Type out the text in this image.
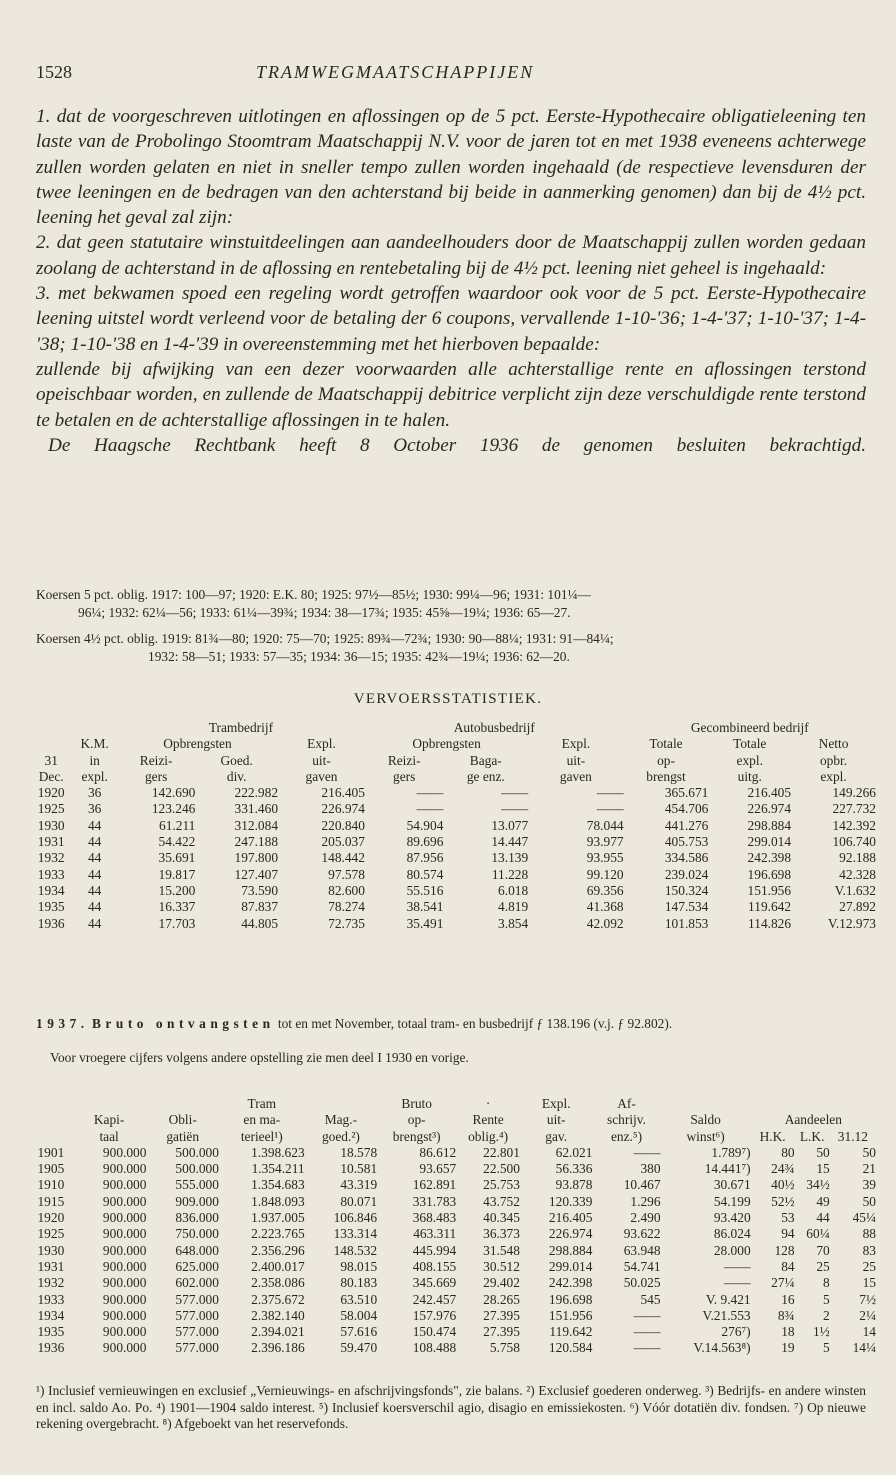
1528	TRAMWEGMAATSCHAPPIJEN

1. dat de voorgeschreven uitlotingen en aflossingen op de 5 pct. Eerste-Hypothecaire obligatieleening ten laste van de Probolingo Stoomtram Maatschappij N.V. voor de jaren tot en met 1938 eveneens achterwege zullen worden gelaten en niet in sneller tempo zullen worden ingehaald (de respectieve levensduren der twee leeningen en de bedragen van den achterstand bij beide in aanmerking genomen) dan bij de 4½ pct. leening het geval zal zijn:

2. dat geen statutaire winstuitdeelingen aan aandeelhouders door de Maatschappij zullen worden gedaan zoolang de achterstand in de aflossing en rentebetaling bij de 4½ pct. leening niet geheel is ingehaald:

3. met bekwamen spoed een regeling wordt getroffen waardoor ook voor de 5 pct. Eerste-Hypothecaire leening uitstel wordt verleend voor de betaling der 6 coupons, vervallende 1-10-'36; 1-4-'37; 1-10-'37; 1-4-'38; 1-10-'38 en 1-4-'39 in overeenstemming met het hierboven bepaalde:

zullende bij afwijking van een dezer voorwaarden alle achterstallige rente en aflossingen terstond opeischbaar worden, en zullende de Maatschappij debitrice verplicht zijn deze verschuldigde rente terstond te betalen en de achterstallige aflossingen in te halen.

De Haagsche Rechtbank heeft 8 October 1936 de genomen besluiten bekrachtigd.

Koersen 5 pct. oblig. 1917: 100—97; 1920: E.K. 80; 1925: 97½—85½; 1930: 99¼—96; 1931: 101¼—
96¼; 1932: 62¼—56; 1933: 61¼—39¾; 1934: 38—17¾; 1935: 45⅝—19¼; 1936: 65—27.
Koersen 4½ pct. oblig. 1919: 81¾—80; 1920: 75—70; 1925: 89¾—72¾; 1930: 90—88¼; 1931: 91—84¼;
1932: 58—51; 1933: 57—35; 1934: 36—15; 1935: 42¾—19¼; 1936: 62—20.
VERVOERSSTATISTIEK.
		Trambedrijf			Autobusbedrijf			Gecombineerd bedrijf		
	K.M.	Opbrengsten		Expl.	Opbrengsten		Expl.	Totale	Totale	Netto
31	in	Reizi-	Goed.	uit-	Reizi-	Baga-	uit-	op-	expl.	opbr.
Dec.	expl.	gers	div.	gaven	gers	ge enz.	gaven	brengst	uitg.	expl.
1920	36	142.690	222.982	216.405	——	——	——	365.671	216.405	149.266
1925	36	123.246	331.460	226.974	——	——	——	454.706	226.974	227.732
1930	44	61.211	312.084	220.840	54.904	13.077	78.044	441.276	298.884	142.392
1931	44	54.422	247.188	205.037	89.696	14.447	93.977	405.753	299.014	106.740
1932	44	35.691	197.800	148.442	87.956	13.139	93.955	334.586	242.398	92.188
1933	44	19.817	127.407	97.578	80.574	11.228	99.120	239.024	196.698	42.328
1934	44	15.200	73.590	82.600	55.516	6.018	69.356	150.324	151.956	V.1.632
1935	44	16.337	87.837	78.274	38.541	4.819	41.368	147.534	119.642	27.892
1936	44	17.703	44.805	72.735	35.491	3.854	42.092	101.853	114.826	V.12.973

1937. Bruto ontvangsten tot en met November, totaal tram- en busbedrijf ƒ 138.196 (v.j. ƒ 92.802).

Voor vroegere cijfers volgens andere opstelling zie men deel I 1930 en vorige.
			Tram		Bruto	·	Expl.	Af-				
	Kapi-	Obli-	en ma-	Mag.-	op-	Rente	uit-	schrijv.	Saldo	Aandeelen		
	taal	gatiën	terieel¹)	goed.²)	brengst³)	oblig.⁴)	gav.	enz.⁵)	winst⁶)	H.K.	L.K.	31.12
1901	900.000	500.000	1.398.623	18.578	86.612	22.801	62.021	——	1.789⁷)	80	50	50
1905	900.000	500.000	1.354.211	10.581	93.657	22.500	56.336	380	14.441⁷)	24¾	15	21
1910	900.000	555.000	1.354.683	43.319	162.891	25.753	93.878	10.467	30.671	40½	34½	39
1915	900.000	909.000	1.848.093	80.071	331.783	43.752	120.339	1.296	54.199	52½	49	50
1920	900.000	836.000	1.937.005	106.846	368.483	40.345	216.405	2.490	93.420	53	44	45¼
1925	900.000	750.000	2.223.765	133.314	463.311	36.373	226.974	93.622	86.024	94	60¼	88
1930	900.000	648.000	2.356.296	148.532	445.994	31.548	298.884	63.948	28.000	128	70	83
1931	900.000	625.000	2.400.017	98.015	408.155	30.512	299.014	54.741	——	84	25	25
1932	900.000	602.000	2.358.086	80.183	345.669	29.402	242.398	50.025	——	27¼	8	15
1933	900.000	577.000	2.375.672	63.510	242.457	28.265	196.698	545	V. 9.421	16	5	7½
1934	900.000	577.000	2.382.140	58.004	157.976	27.395	151.956	——	V.21.553	8¾	2	2¼
1935	900.000	577.000	2.394.021	57.616	150.474	27.395	119.642	——	276⁷)	18	1½	14
1936	900.000	577.000	2.396.186	59.470	108.488	5.758	120.584	——	V.14.563⁸)	19	5	14¼

¹) Inclusief vernieuwingen en exclusief „Vernieuwings- en afschrijvingsfonds", zie balans. ²) Exclusief goederen onderweg. ³) Bedrijfs- en andere winsten en incl. saldo Ao. Po. ⁴) 1901—1904 saldo interest. ⁵) Inclusief koersverschil agio, disagio en emissiekosten. ⁶) Vóór dotatiën div. fondsen. ⁷) Op nieuwe rekening overgebracht. ⁸) Afgeboekt van het reservefonds.
